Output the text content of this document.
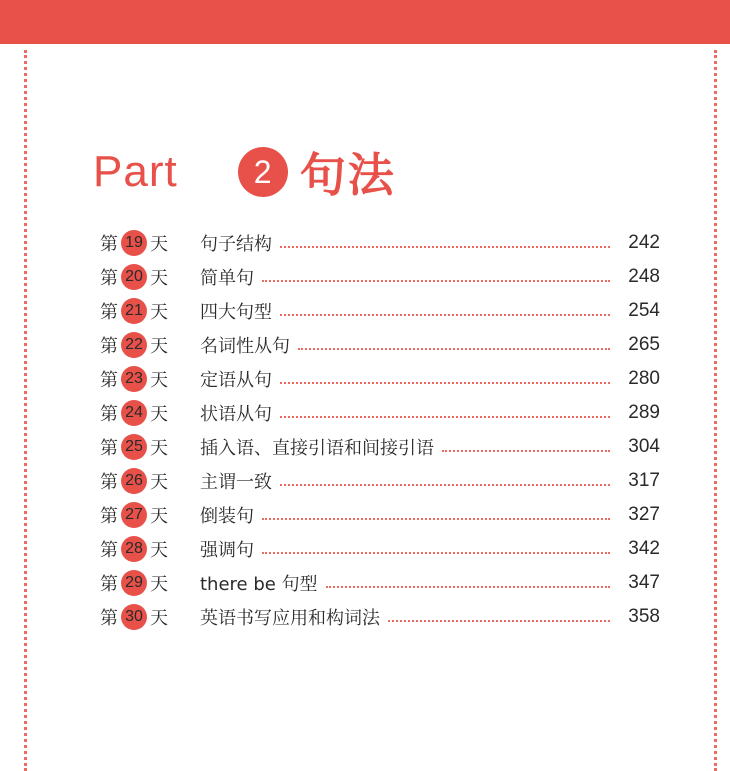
Part	2 句法
第 19 天 句子结构	242
第 20 天 简单句	248
第 21 天 四大句型	254
第 22 天 名词性从句	265
第 23 天 定语从句	280
第 24 天 状语从句	289
第 25 天 插入语、直接引语和间接引语	304
第 26 天 主谓一致	317
第 27 天 倒装句	327
第 28 天 强调句	342
第 29 天 there be 句型	347
第 30 天 英语书写应用和构词法	358
